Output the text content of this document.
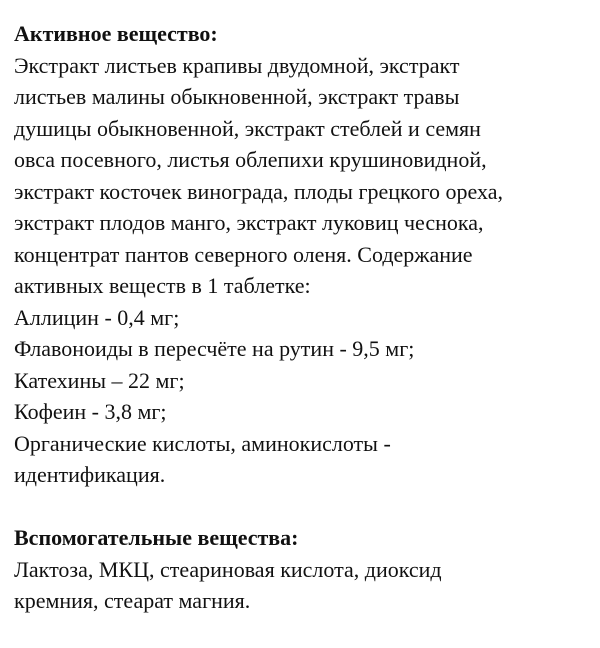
Активное вещество:

Экстракт листьев крапивы двудомной, экстракт
листьев малины обыкновенной, экстракт травы
душицы обыкновенной, экстракт стеблей и семян
овса посевного, листья облепихи крушиновидной,
экстракт косточек винограда, плоды грецкого ореха,
экстракт плодов манго, экстракт луковиц чеснока,
концентрат пантов северного оленя. Содержание
активных веществ в 1 таблетке:

Аллицин - 0,4 мг;

Флавоноиды в пересчёте на рутин - 9,5 мг;

Катехины – 22 мг;

Кофеин - 3,8 мг;

Органические кислоты, аминокислоты -
идентификация.

Вспомогательные вещества:

Лактоза, МКЦ, стеариновая кислота, диоксид
кремния, стеарат магния.
